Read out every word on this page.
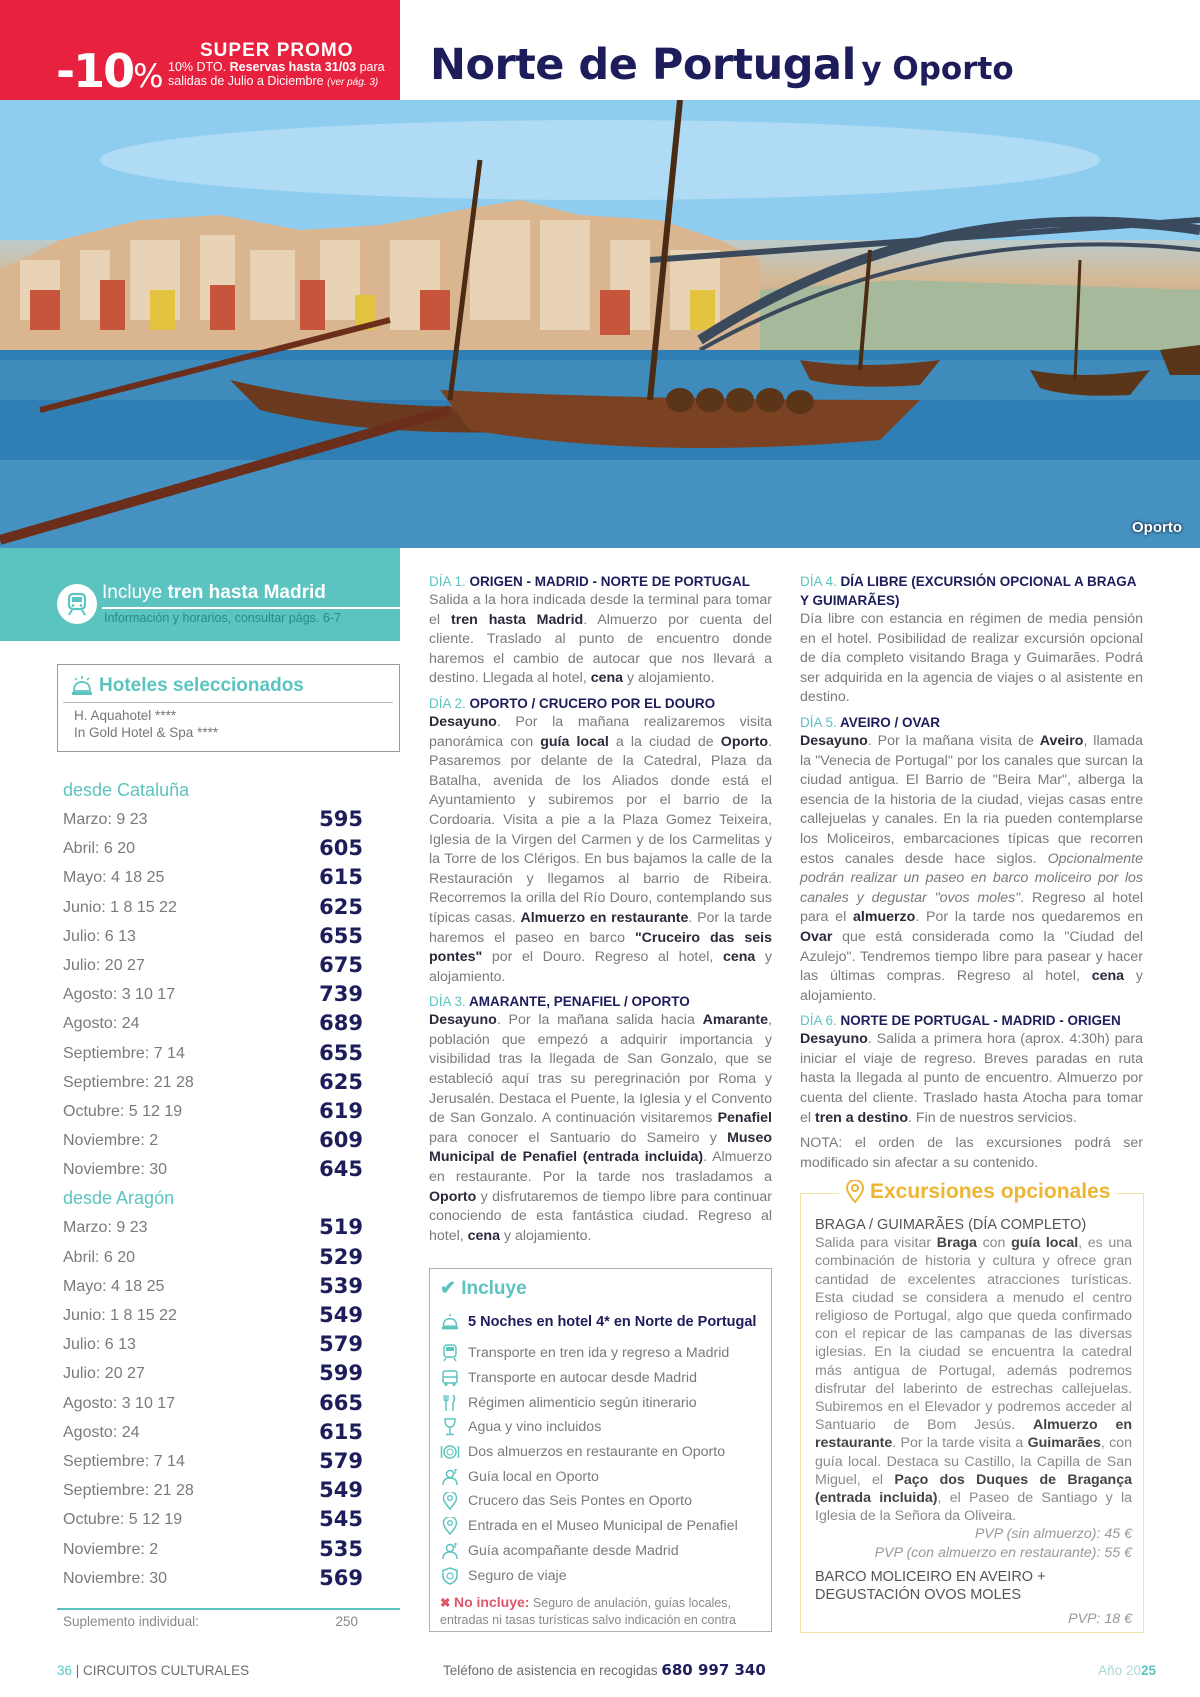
-10%
SUPER PROMO
10% DTO. Reservas hasta 31/03 para
salidas de Julio a Diciembre (ver pág. 3) Norte de Portugal y Oporto
Oporto
Incluye tren hasta Madrid
Información y horarios, consultar págs. 6-7
Hoteles seleccionados
H. Aquahotel ****
In Gold Hotel & Spa ****
desde Cataluña
Marzo: 9 23	595
Abril: 6 20	605
Mayo: 4 18 25	615
Junio: 1 8 15 22	625
Julio: 6 13	655
Julio: 20 27	675
Agosto: 3 10 17	739
Agosto: 24	689
Septiembre: 7 14	655
Septiembre: 21 28	625
Octubre: 5 12 19	619
Noviembre: 2	609
Noviembre: 30	645
desde Aragón
Marzo: 9 23	519
Abril: 6 20	529
Mayo: 4 18 25	539
Junio: 1 8 15 22	549
Julio: 6 13	579
Julio: 20 27	599
Agosto: 3 10 17	665
Agosto: 24	615
Septiembre: 7 14	579
Septiembre: 21 28	549
Octubre: 5 12 19	545
Noviembre: 2	535
Noviembre: 30	569
Suplemento individual:	250
DÍA 1. ORIGEN - MADRID - NORTE DE PORTUGAL
Salida a la hora indicada desde la terminal para tomar el tren hasta Madrid. Almuerzo por cuenta del cliente. Traslado al punto de encuentro donde haremos el cambio de autocar que nos llevará a destino. Llegada al hotel, cena y alojamiento.
DÍA 2. OPORTO / CRUCERO POR EL DOURO
Desayuno. Por la mañana realizaremos visita panorámica con guía local a la ciudad de Oporto. Pasaremos por delante de la Catedral, Plaza da Batalha, avenida de los Aliados donde está el Ayuntamiento y subiremos por el barrio de la Cordoaria. Visita a pie a la Plaza Gomez Teixeira, Iglesia de la Virgen del Carmen y de los Carmelitas y la Torre de los Clérigos. En bus bajamos la calle de la Restauración y llegamos al barrio de Ribeira. Recorremos la orilla del Río Douro, contemplando sus típicas casas. Almuerzo en restaurante. Por la tarde haremos el paseo en barco "Cruceiro das seis pontes" por el Douro. Regreso al hotel, cena y alojamiento.
DÍA 3. AMARANTE, PENAFIEL / OPORTO
Desayuno. Por la mañana salida hacia Amarante, población que empezó a adquirir importancia y visibilidad tras la llegada de San Gonzalo, que se estableció aquí tras su peregrinación por Roma y Jerusalén. Destaca el Puente, la Iglesia y el Convento de San Gonzalo. A continuación visitaremos Penafiel para conocer el Santuario do Sameiro y Museo Municipal de Penafiel (entrada incluida). Almuerzo en restaurante. Por la tarde nos trasladamos a Oporto y disfrutaremos de tiempo libre para continuar conociendo de esta fantástica ciudad. Regreso al hotel, cena y alojamiento.
DÍA 4. DÍA LIBRE (EXCURSIÓN OPCIONAL A BRAGA Y GUIMARÃES)
Día libre con estancia en régimen de media pensión en el hotel. Posibilidad de realizar excursión opcional de día completo visitando Braga y Guimarães. Podrá ser adquirida en la agencia de viajes o al asistente en destino.
DÍA 5. AVEIRO / OVAR
Desayuno. Por la mañana visita de Aveiro, llamada la "Venecia de Portugal" por los canales que surcan la ciudad antigua. El Barrio de "Beira Mar", alberga la esencia de la historia de la ciudad, viejas casas entre callejuelas y canales. En la ria pueden contemplarse los Moliceiros, embarcaciones típicas que recorren estos canales desde hace siglos. Opcionalmente podrán realizar un paseo en barco moliceiro por los canales y degustar "ovos moles". Regreso al hotel para el almuerzo. Por la tarde nos quedaremos en Ovar que está considerada como la "Ciudad del Azulejo". Tendremos tiempo libre para pasear y hacer las últimas compras. Regreso al hotel, cena y alojamiento.
DÍA 6. NORTE DE PORTUGAL - MADRID - ORIGEN
Desayuno. Salida a primera hora (aprox. 4:30h) para iniciar el viaje de regreso. Breves paradas en ruta hasta la llegada al punto de encuentro. Almuerzo por cuenta del cliente. Traslado hasta Atocha para tomar el tren a destino. Fin de nuestros servicios.
NOTA: el orden de las excursiones podrá ser modificado sin afectar a su contenido.
✔ Incluye
5 Noches en hotel 4* en Norte de Portugal
Transporte en tren ida y regreso a Madrid
Transporte en autocar desde Madrid
Régimen alimenticio según itinerario
Agua y vino incluidos
Dos almuerzos en restaurante en Oporto
Guía local en Oporto
Crucero das Seis Pontes en Oporto
Entrada en el Museo Municipal de Penafiel
Guía acompañante desde Madrid
Seguro de viaje
✖ No incluye: Seguro de anulación, guías locales, entradas ni tasas turísticas salvo indicación en contra
Excursiones opcionales
BRAGA / GUIMARÃES (DÍA COMPLETO)
Salida para visitar Braga con guía local, es una combinación de historia y cultura y ofrece gran cantidad de excelentes atracciones turísticas. Esta ciudad se considera a menudo el centro religioso de Portugal, algo que queda confirmado con el repicar de las campanas de las diversas iglesias. En la ciudad se encuentra la catedral más antigua de Portugal, además podremos disfrutar del laberinto de estrechas callejuelas. Subiremos en el Elevador y podremos acceder al Santuario de Bom Jesús. Almuerzo en restaurante. Por la tarde visita a Guimarães, con guía local. Destaca su Castillo, la Capilla de San Miguel, el Paço dos Duques de Bragança (entrada incluida), el Paseo de Santiago y la Iglesia de la Señora da Oliveira.
PVP (sin almuerzo): 45 €
PVP (con almuerzo en restaurante): 55 €
BARCO MOLICEIRO EN AVEIRO + DEGUSTACIÓN OVOS MOLES
PVP: 18 €
36 | CIRCUITOS CULTURALES	Teléfono de asistencia en recogidas 680 997 340	Año 2025
